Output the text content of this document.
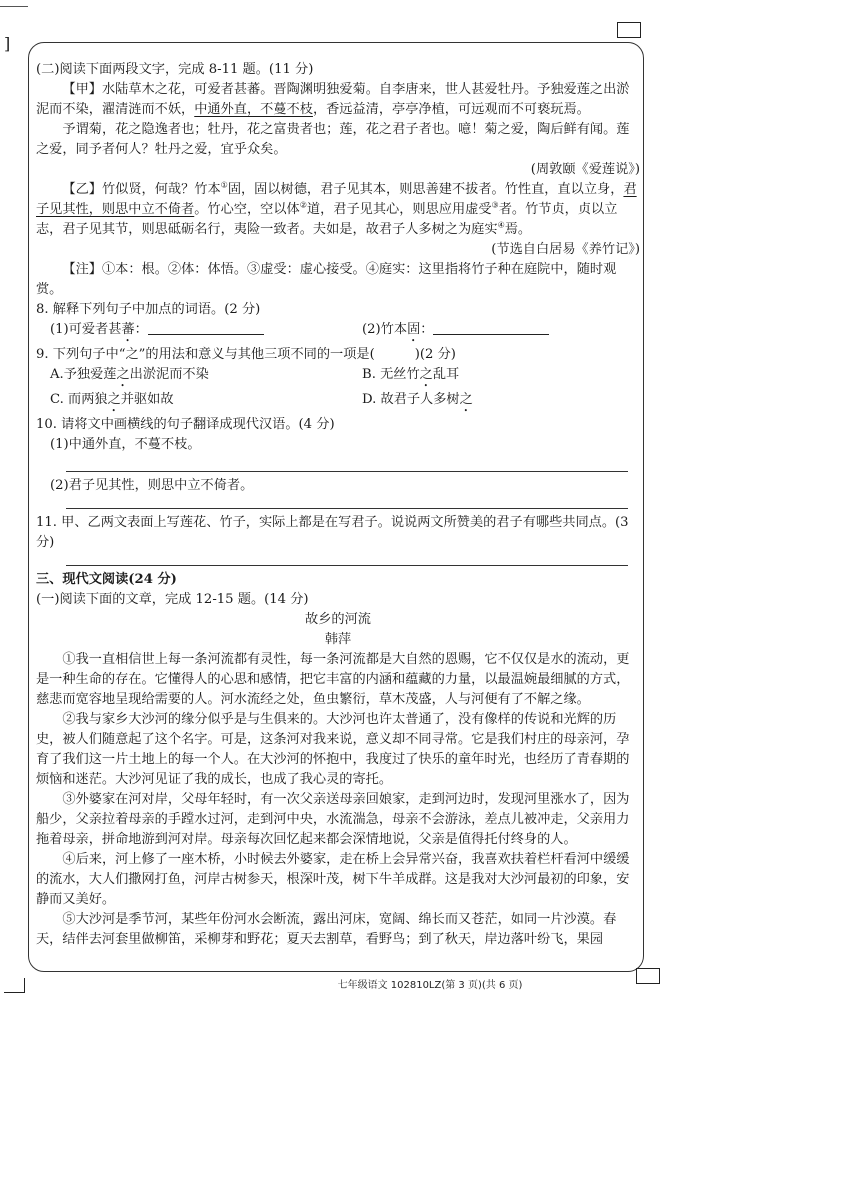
]

(二)阅读下面两段文字，完成 8-11 题。(11 分)

【甲】水陆草木之花，可爱者甚蕃。晋陶渊明独爱菊。自李唐来，世人甚爱牡丹。予独爱莲之出淤泥而不染，濯清涟而不妖，中通外直，不蔓不枝，香远益清，亭亭净植，可远观而不可亵玩焉。

予谓菊，花之隐逸者也；牡丹，花之富贵者也；莲，花之君子者也。噫！菊之爱，陶后鲜有闻。莲之爱，同予者何人？牡丹之爱，宜乎众矣。

(周敦颐《爱莲说》)

【乙】竹似贤，何哉？竹本①固，固以树德，君子见其本，则思善建不拔者。竹性直，直以立身，君子见其性，则思中立不倚者。竹心空，空以体②道，君子见其心，则思应用虚受③者。竹节贞，贞以立志，君子见其节，则思砥砺名行，夷险一致者。夫如是，故君子人多树之为庭实④焉。

(节选自白居易《养竹记》)

【注】①本：根。②体：体悟。③虚受：虚心接受。④庭实：这里指将竹子种在庭院中，随时观赏。

8. 解释下列句子中加点的词语。(2 分)

(1)可爱者甚蕃：	(2)竹本固：

9. 下列句子中“之”的用法和意义与其他三项不同的一项是(	)(2 分)

A.予独爱莲之出淤泥而不染	B. 无丝竹之乱耳

C. 而两狼之并驱如故	D. 故君子人多树之

10. 请将文中画横线的句子翻译成现代汉语。(4 分)

(1)中通外直，不蔓不枝。

(2)君子见其性，则思中立不倚者。

11. 甲、乙两文表面上写莲花、竹子，实际上都是在写君子。说说两文所赞美的君子有哪些共同点。(3 分)

三、现代文阅读(24 分)

(一)阅读下面的文章，完成 12-15 题。(14 分)

故乡的河流

韩萍

①我一直相信世上每一条河流都有灵性，每一条河流都是大自然的恩赐，它不仅仅是水的流动，更是一种生命的存在。它懂得人的心思和感情，把它丰富的内涵和蕴藏的力量，以最温婉最细腻的方式，慈悲而宽容地呈现给需要的人。河水流经之处，鱼虫繁衍，草木茂盛，人与河便有了不解之缘。

②我与家乡大沙河的缘分似乎是与生俱来的。大沙河也许太普通了，没有像样的传说和光辉的历史，被人们随意起了这个名字。可是，这条河对我来说，意义却不同寻常。它是我们村庄的母亲河，孕育了我们这一片土地上的每一个人。在大沙河的怀抱中，我度过了快乐的童年时光，也经历了青春期的烦恼和迷茫。大沙河见证了我的成长，也成了我心灵的寄托。

③外婆家在河对岸，父母年轻时，有一次父亲送母亲回娘家，走到河边时，发现河里涨水了，因为船少，父亲拉着母亲的手蹚水过河，走到河中央，水流湍急，母亲不会游泳，差点儿被冲走，父亲用力拖着母亲，拼命地游到河对岸。母亲每次回忆起来都会深情地说，父亲是值得托付终身的人。

④后来，河上修了一座木桥，小时候去外婆家，走在桥上会异常兴奋，我喜欢扶着栏杆看河中缓缓的流水，大人们撒网打鱼，河岸古树参天，根深叶茂，树下牛羊成群。这是我对大沙河最初的印象，安静而又美好。

⑤大沙河是季节河，某些年份河水会断流，露出河床，宽阔、绵长而又苍茫，如同一片沙漠。春天，结伴去河套里做柳笛，采柳芽和野花；夏天去割草，看野鸟；到了秋天，岸边落叶纷飞，果园

七年级语文 102810LZ(第 3 页)(共 6 页)
